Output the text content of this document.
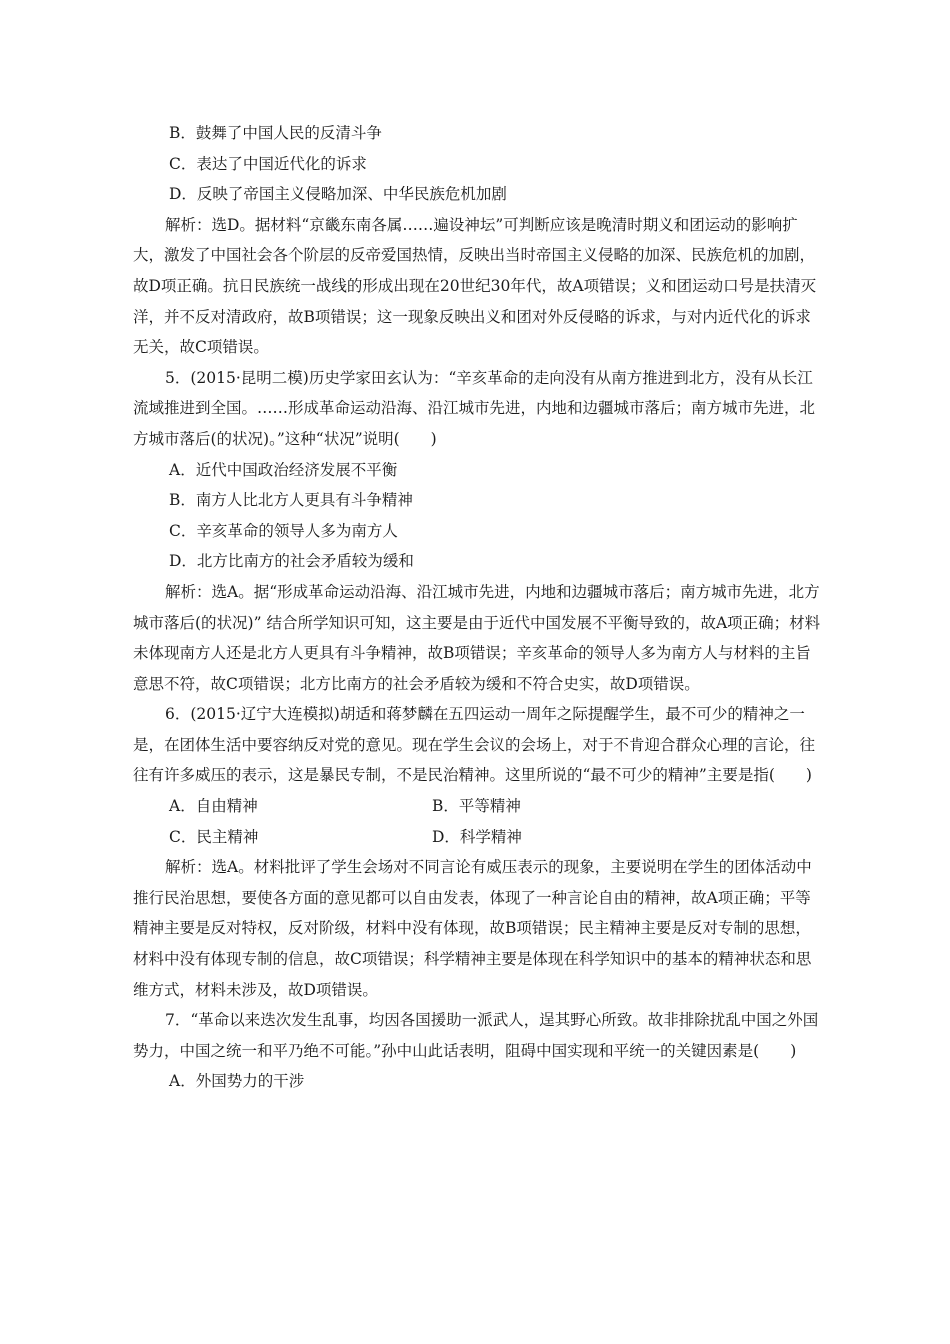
B．鼓舞了中国人民的反清斗争
C．表达了中国近代化的诉求
D．反映了帝国主义侵略加深、中华民族危机加剧
解析：选D。据材料“京畿东南各属……遍设神坛”可判断应该是晚清时期义和团运动的影响扩大，激发了中国社会各个阶层的反帝爱国热情，反映出当时帝国主义侵略的加深、民族危机的加剧，故D项正确。抗日民族统一战线的形成出现在20世纪30年代，故A项错误；义和团运动口号是扶清灭洋，并不反对清政府，故B项错误；这一现象反映出义和团对外反侵略的诉求，与对内近代化的诉求无关，故C项错误。
5．(2015·昆明二模)历史学家田玄认为：“辛亥革命的走向没有从南方推进到北方，没有从长江流域推进到全国。……形成革命运动沿海、沿江城市先进，内地和边疆城市落后；南方城市先进，北方城市落后(的状况)。”这种“状况”说明(　　)
A．近代中国政治经济发展不平衡
B．南方人比北方人更具有斗争精神
C．辛亥革命的领导人多为南方人
D．北方比南方的社会矛盾较为缓和
解析：选A。据“形成革命运动沿海、沿江城市先进，内地和边疆城市落后；南方城市先进，北方城市落后(的状况)” 结合所学知识可知，这主要是由于近代中国发展不平衡导致的，故A项正确；材料未体现南方人还是北方人更具有斗争精神，故B项错误；辛亥革命的领导人多为南方人与材料的主旨意思不符，故C项错误；北方比南方的社会矛盾较为缓和不符合史实，故D项错误。
6．(2015·辽宁大连模拟)胡适和蒋梦麟在五四运动一周年之际提醒学生，最不可少的精神之一是，在团体生活中要容纳反对党的意见。现在学生会议的会场上，对于不肯迎合群众心理的言论，往往有许多威压的表示，这是暴民专制，不是民治精神。这里所说的“最不可少的精神”主要是指(　　)
A．自由精神	B．平等精神
C．民主精神	D．科学精神
解析：选A。材料批评了学生会场对不同言论有威压表示的现象，主要说明在学生的团体活动中推行民治思想，要使各方面的意见都可以自由发表，体现了一种言论自由的精神，故A项正确；平等精神主要是反对特权，反对阶级，材料中没有体现，故B项错误；民主精神主要是反对专制的思想，材料中没有体现专制的信息，故C项错误；科学精神主要是体现在科学知识中的基本的精神状态和思维方式，材料未涉及，故D项错误。
7．“革命以来迭次发生乱事，均因各国援助一派武人，逞其野心所致。故非排除扰乱中国之外国势力，中国之统一和平乃绝不可能。”孙中山此话表明，阻碍中国实现和平统一的关键因素是(　　)
A．外国势力的干涉
